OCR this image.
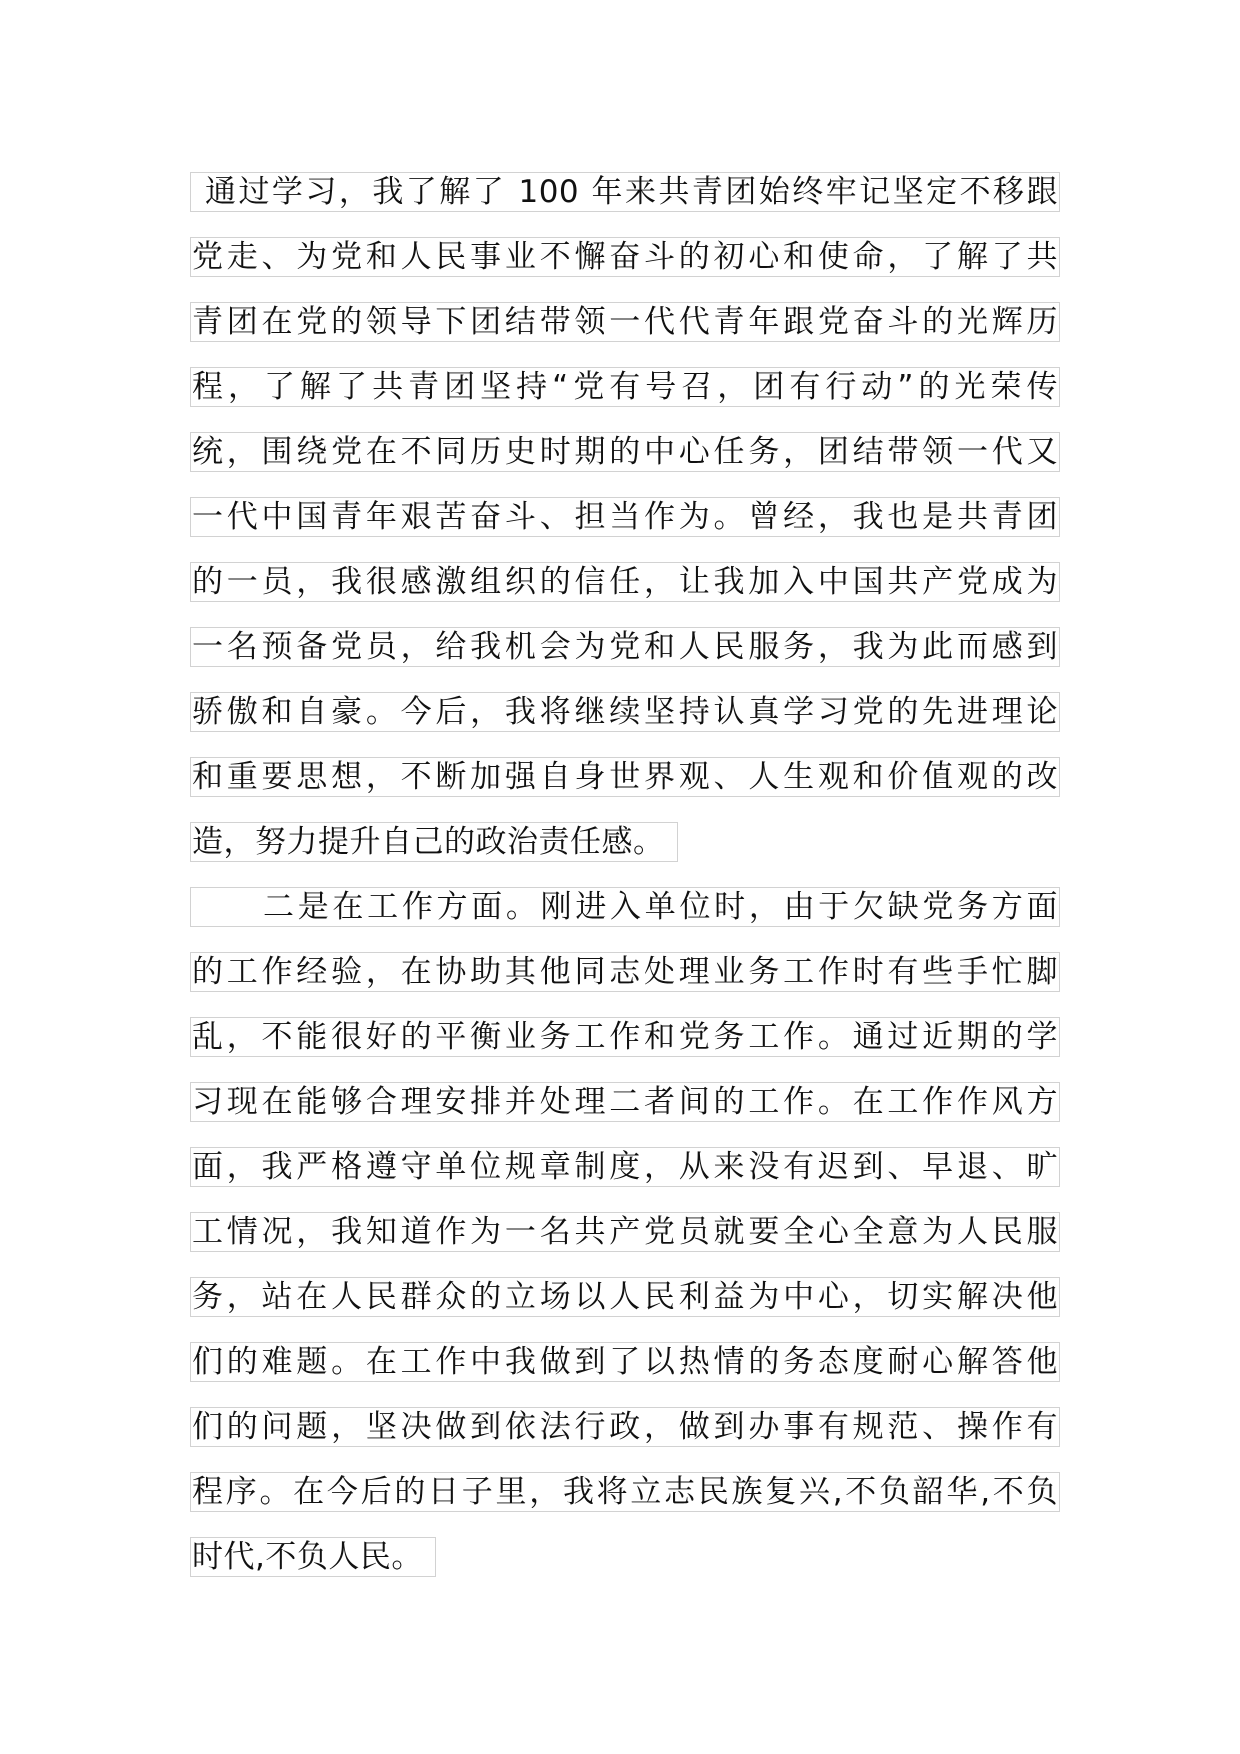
通过学习，我了解了 100 年来共青团始终牢记坚定不移跟
党走、为党和人民事业不懈奋斗的初心和使命，了解了共
青团在党的领导下团结带领一代代青年跟党奋斗的光辉历
程，了解了共青团坚持“党有号召，团有行动”的光荣传
统，围绕党在不同历史时期的中心任务，团结带领一代又
一代中国青年艰苦奋斗、担当作为。曾经，我也是共青团
的一员，我很感激组织的信任，让我加入中国共产党成为
一名预备党员，给我机会为党和人民服务，我为此而感到
骄傲和自豪。今后，我将继续坚持认真学习党的先进理论
和重要思想，不断加强自身世界观、人生观和价值观的改
造，努力提升自己的政治责任感。
二是在工作方面。刚进入单位时，由于欠缺党务方面
的工作经验，在协助其他同志处理业务工作时有些手忙脚
乱，不能很好的平衡业务工作和党务工作。通过近期的学
习现在能够合理安排并处理二者间的工作。在工作作风方
面，我严格遵守单位规章制度，从来没有迟到、早退、旷
工情况，我知道作为一名共产党员就要全心全意为人民服
务，站在人民群众的立场以人民利益为中心，切实解决他
们的难题。在工作中我做到了以热情的务态度耐心解答他
们的问题，坚决做到依法行政，做到办事有规范、操作有
程序。在今后的日子里，我将立志民族复兴,不负韶华,不负
时代,不负人民。
